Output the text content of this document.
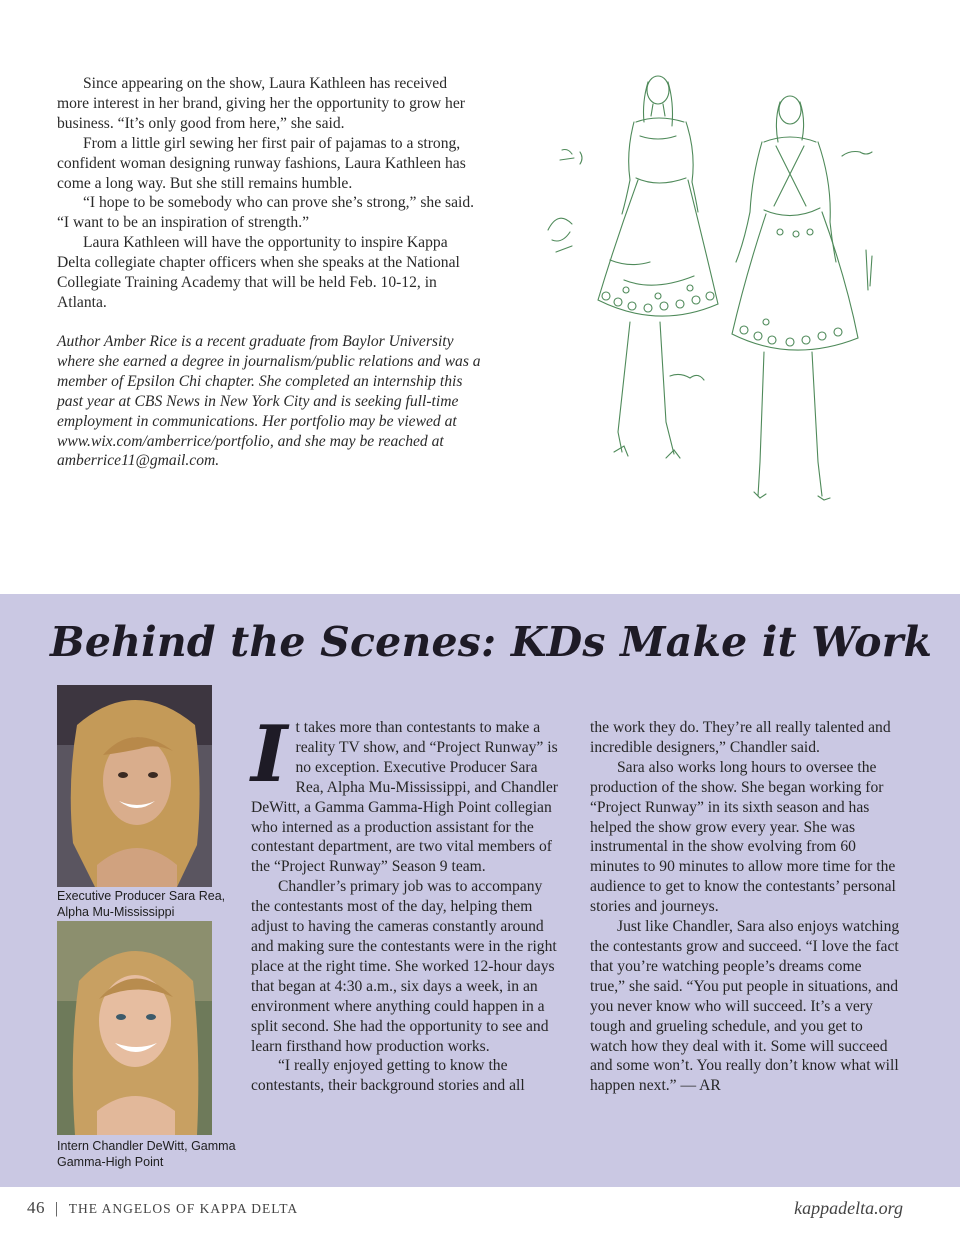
Since appearing on the show, Laura Kathleen has received more interest in her brand, giving her the opportunity to grow her business. “It’s only good from here,” she said.

From a little girl sewing her first pair of pajamas to a strong, confident woman designing runway fashions, Laura Kathleen has come a long way. But she still remains humble.

“I hope to be somebody who can prove she’s strong,” she said. “I want to be an inspiration of strength.”

Laura Kathleen will have the opportunity to inspire Kappa Delta collegiate chapter officers when she speaks at the National Collegiate Training Academy that will be held Feb. 10-12, in Atlanta.

Author Amber Rice is a recent graduate from Baylor University where she earned a degree in journalism/public relations and was a member of Epsilon Chi chapter. She completed an internship this past year at CBS News in New York City and is seeking full-time employment in communications. Her portfolio may be viewed at www.wix.com/amberrice/portfolio, and she may be reached at amberrice11@gmail.com.
Behind the Scenes: KDs Make it Work
Executive Producer Sara Rea, Alpha Mu-Mississippi
Intern Chandler DeWitt, Gamma Gamma-High Point

It takes more than contestants to make a reality TV show, and “Project Runway” is no exception. Executive Producer Sara Rea, Alpha Mu-Mississippi, and Chandler DeWitt, a Gamma Gamma-High Point collegian who interned as a production assistant for the contestant department, are two vital members of the “Project Runway” Season 9 team.

Chandler’s primary job was to accompany the contestants most of the day, helping them adjust to having the cameras constantly around and making sure the contestants were in the right place at the right time. She worked 12-hour days that began at 4:30 a.m., six days a week, in an environment where anything could happen in a split second. She had the opportunity to see and learn firsthand how production works.

“I really enjoyed getting to know the contestants, their background stories and all

the work they do. They’re all really talented and incredible designers,” Chandler said.

Sara also works long hours to oversee the production of the show. She began working for “Project Runway” in its sixth season and has helped the show grow every year. She was instrumental in the show evolving from 60 minutes to 90 minutes to allow more time for the audience to get to know the contestants’ personal stories and journeys.

Just like Chandler, Sara also enjoys watching the contestants grow and succeed. “I love the fact that you’re watching people’s dreams come true,” she said. “You put people in situations, and you never know who will succeed. It’s a very tough and grueling schedule, and you get to watch how they deal with it. Some will succeed and some won’t. You really don’t know what will happen next.” — AR

46 | THE ANGELOS OF KAPPA DELTA	kappadelta.org
